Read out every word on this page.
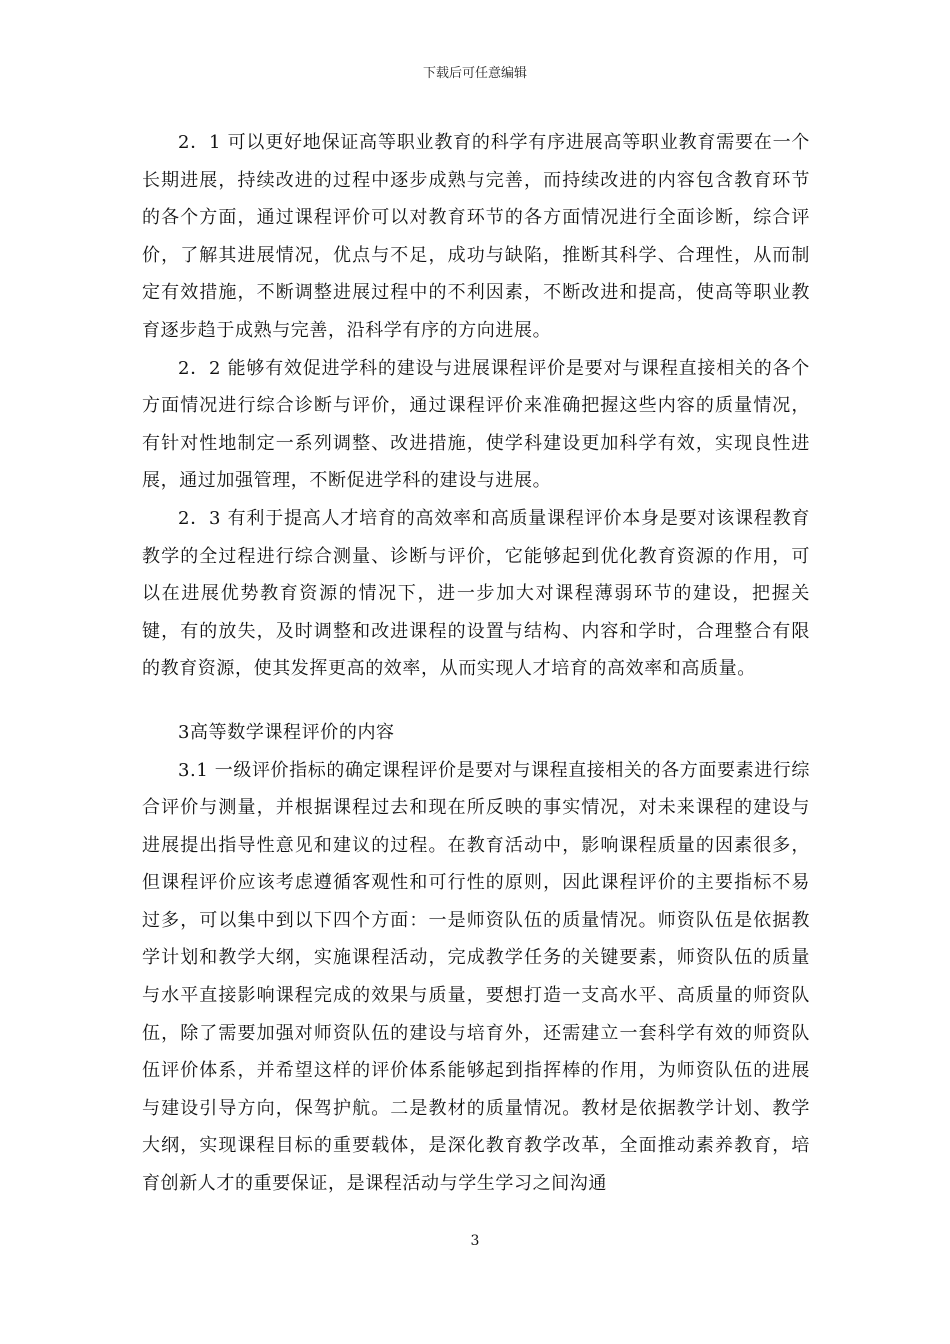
下载后可任意编辑

2．1 可以更好地保证高等职业教育的科学有序进展高等职业教育需要在一个长期进展，持续改进的过程中逐步成熟与完善，而持续改进的内容包含教育环节的各个方面，通过课程评价可以对教育环节的各方面情况进行全面诊断，综合评价，了解其进展情况，优点与不足，成功与缺陷，推断其科学、合理性，从而制定有效措施，不断调整进展过程中的不利因素，不断改进和提高，使高等职业教育逐步趋于成熟与完善，沿科学有序的方向进展。

2．2 能够有效促进学科的建设与进展课程评价是要对与课程直接相关的各个方面情况进行综合诊断与评价，通过课程评价来准确把握这些内容的质量情况，有针对性地制定一系列调整、改进措施，使学科建设更加科学有效，实现良性进展，通过加强管理，不断促进学科的建设与进展。

2．3 有利于提高人才培育的高效率和高质量课程评价本身是要对该课程教育教学的全过程进行综合测量、诊断与评价，它能够起到优化教育资源的作用，可以在进展优势教育资源的情况下，进一步加大对课程薄弱环节的建设，把握关键，有的放失，及时调整和改进课程的设置与结构、内容和学时，合理整合有限的教育资源，使其发挥更高的效率，从而实现人才培育的高效率和高质量。

3高等数学课程评价的内容

3.1 一级评价指标的确定课程评价是要对与课程直接相关的各方面要素进行综合评价与测量，并根据课程过去和现在所反映的事实情况，对未来课程的建设与进展提出指导性意见和建议的过程。在教育活动中，影响课程质量的因素很多，但课程评价应该考虑遵循客观性和可行性的原则，因此课程评价的主要指标不易过多，可以集中到以下四个方面：一是师资队伍的质量情况。师资队伍是依据教学计划和教学大纲，实施课程活动，完成教学任务的关键要素，师资队伍的质量与水平直接影响课程完成的效果与质量，要想打造一支高水平、高质量的师资队伍，除了需要加强对师资队伍的建设与培育外，还需建立一套科学有效的师资队伍评价体系，并希望这样的评价体系能够起到指挥棒的作用，为师资队伍的进展与建设引导方向，保驾护航。二是教材的质量情况。教材是依据教学计划、教学大纲，实现课程目标的重要载体，是深化教育教学改革，全面推动素养教育，培育创新人才的重要保证，是课程活动与学生学习之间沟通

3
